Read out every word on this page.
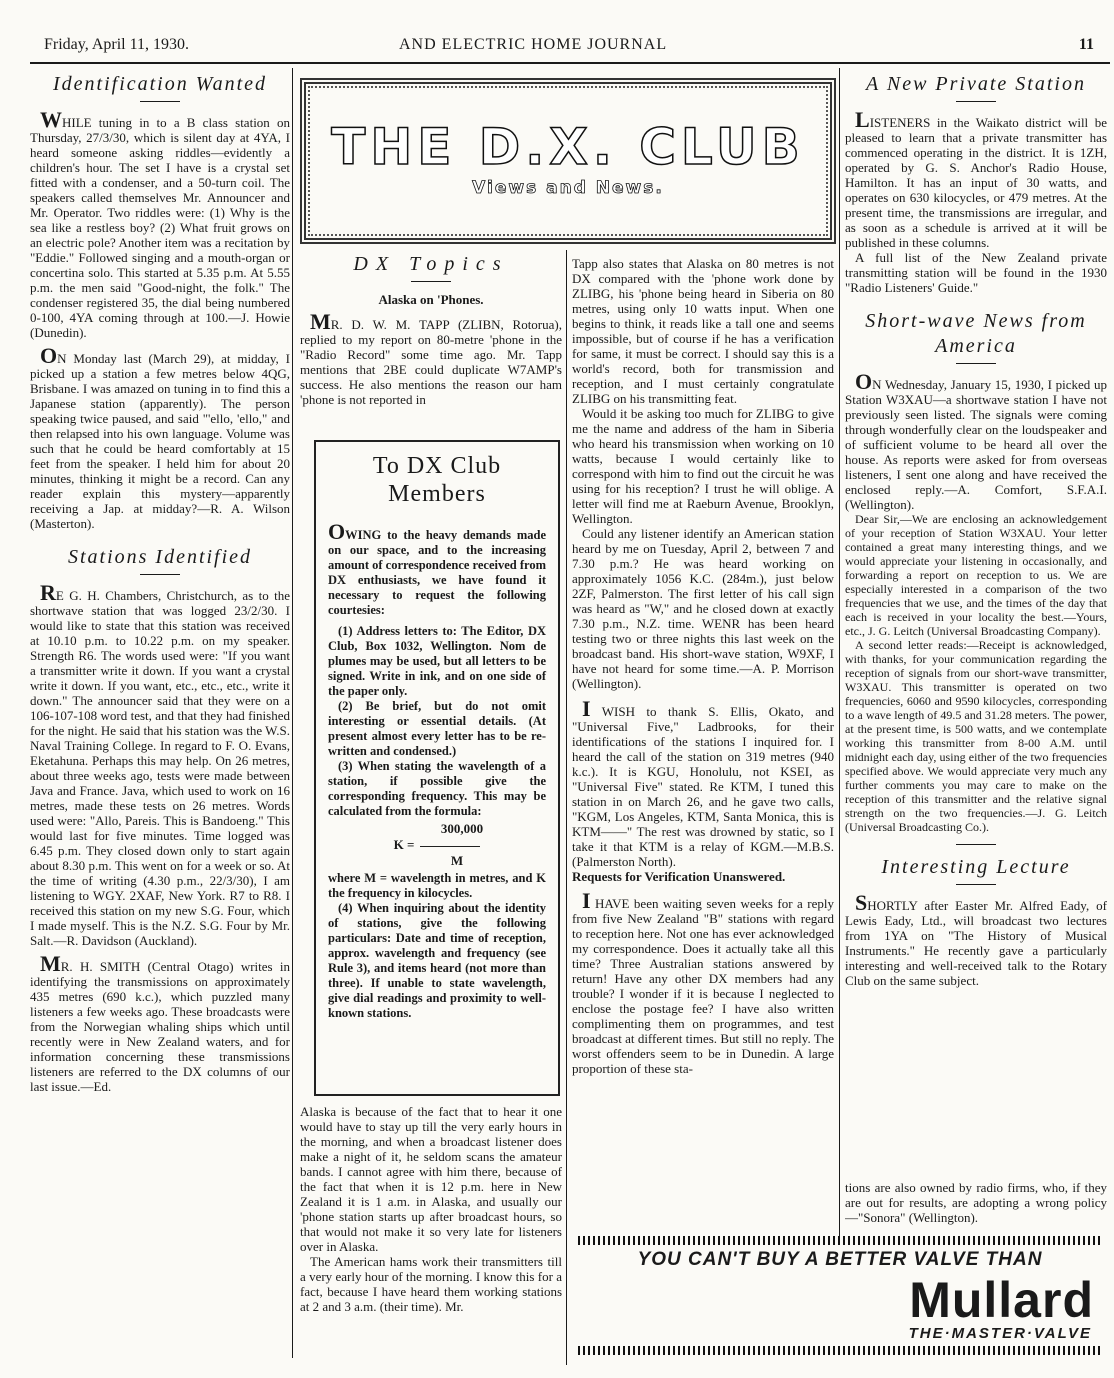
Friday, April 11, 1930.	AND ELECTRIC HOME JOURNAL	11
Identification Wanted

WHILE tuning in to a B class station on Thursday, 27/3/30, which is silent day at 4YA, I heard someone asking riddles—evidently a children's hour. The set I have is a crystal set fitted with a condenser, and a 50-turn coil. The speakers called themselves Mr. Announcer and Mr. Operator. Two riddles were: (1) Why is the sea like a restless boy? (2) What fruit grows on an electric pole? Another item was a recitation by "Eddie." Followed singing and a mouth-organ or concertina solo. This started at 5.35 p.m. At 5.55 p.m. the men said "Good-night, the folk." The condenser registered 35, the dial being numbered 0-100, 4YA coming through at 100.—J. Howie (Dunedin).

ON Monday last (March 29), at midday, I picked up a station a few metres below 4QG, Brisbane. I was amazed on tuning in to find this a Japanese station (apparently). The person speaking twice paused, and said "'ello, 'ello," and then relapsed into his own language. Volume was such that he could be heard comfortably at 15 feet from the speaker. I held him for about 20 minutes, thinking it might be a record. Can any reader explain this mystery—apparently receiving a Jap. at midday?—R. A. Wilson (Masterton).

Stations Identified

RE G. H. Chambers, Christchurch, as to the shortwave station that was logged 23/2/30. I would like to state that this station was received at 10.10 p.m. to 10.22 p.m. on my speaker. Strength R6. The words used were: "If you want a transmitter write it down. If you want a crystal write it down. If you want, etc., etc., etc., write it down." The announcer said that they were on a 106-107-108 word test, and that they had finished for the night. He said that his station was the W.S. Naval Training College. In regard to F. O. Evans, Eketahuna. Perhaps this may help. On 26 metres, about three weeks ago, tests were made between Java and France. Java, which used to work on 16 metres, made these tests on 26 metres. Words used were: "Allo, Pareis. This is Bandoeng." This would last for five minutes. Time logged was 6.45 p.m. They closed down only to start again about 8.30 p.m. This went on for a week or so. At the time of writing (4.30 p.m., 22/3/30), I am listening to WGY. 2XAF, New York. R7 to R8. I received this station on my new S.G. Four, which I made myself. This is the N.Z. S.G. Four by Mr. Salt.—R. Davidson (Auckland).

MR. H. SMITH (Central Otago) writes in identifying the transmissions on approximately 435 metres (690 k.c.), which puzzled many listeners a few weeks ago. These broadcasts were from the Norwegian whaling ships which until recently were in New Zealand waters, and for information concerning these transmissions listeners are referred to the DX columns of our last issue.—Ed.

THE D.X. CLUB
Views and News.
DX Topics
Alaska on 'Phones.

MR. D. W. M. TAPP (ZLIBN, Rotorua), replied to my report on 80-metre 'phone in the "Radio Record" some time ago. Mr. Tapp mentions that 2BE could duplicate W7AMP's success. He also mentions the reason our ham 'phone is not reported in

To DX Club Members

OWING to the heavy demands made on our space, and to the increasing amount of correspondence received from DX enthusiasts, we have found it necessary to request the following courtesies:

(1) Address letters to: The Editor, DX Club, Box 1032, Wellington. Nom de plumes may be used, but all letters to be signed. Write in ink, and on one side of the paper only.

(2) Be brief, but do not omit interesting or essential details. (At present almost every letter has to be re-written and condensed.)

(3) When stating the wavelength of a station, if possible give the corresponding frequency. This may be calculated from the formula:

300,000
K =
M

where M = wavelength in metres, and K the frequency in kilocycles.

(4) When inquiring about the identity of stations, give the following particulars: Date and time of reception, approx. wavelength and frequency (see Rule 3), and items heard (not more than three). If unable to state wavelength, give dial readings and proximity to well-known stations.

Alaska is because of the fact that to hear it one would have to stay up till the very early hours in the morning, and when a broadcast listener does make a night of it, he seldom scans the amateur bands. I cannot agree with him there, because of the fact that when it is 12 p.m. here in New Zealand it is 1 a.m. in Alaska, and usually our 'phone station starts up after broadcast hours, so that would not make it so very late for listeners over in Alaska.

The American hams work their transmitters till a very early hour of the morning. I know this for a fact, because I have heard them working stations at 2 and 3 a.m. (their time). Mr.

Tapp also states that Alaska on 80 metres is not DX compared with the 'phone work done by ZLIBG, his 'phone being heard in Siberia on 80 metres, using only 10 watts input. When one begins to think, it reads like a tall one and seems impossible, but of course if he has a verification for same, it must be correct. I should say this is a world's record, both for transmission and reception, and I must certainly congratulate ZLIBG on his transmitting feat.

Would it be asking too much for ZLIBG to give me the name and address of the ham in Siberia who heard his transmission when working on 10 watts, because I would certainly like to correspond with him to find out the circuit he was using for his reception? I trust he will oblige. A letter will find me at Raeburn Avenue, Brooklyn, Wellington.

Could any listener identify an American station heard by me on Tuesday, April 2, between 7 and 7.30 p.m.? He was heard working on approximately 1056 K.C. (284m.), just below 2ZF, Palmerston. The first letter of his call sign was heard as "W," and he closed down at exactly 7.30 p.m., N.Z. time. WENR has been heard testing two or three nights this last week on the broadcast band. His short-wave station, W9XF, I have not heard for some time.—A. P. Morrison (Wellington).

I WISH to thank S. Ellis, Okato, and "Universal Five," Ladbrooks, for their identifications of the stations I inquired for. I heard the call of the station on 319 metres (940 k.c.). It is KGU, Honolulu, not KSEI, as "Universal Five" stated. Re KTM, I tuned this station in on March 26, and he gave two calls, "KGM, Los Angeles, KTM, Santa Monica, this is KTM——" The rest was drowned by static, so I take it that KTM is a relay of KGM.—M.B.S. (Palmerston North).

Requests for Verification Unanswered.

I HAVE been waiting seven weeks for a reply from five New Zealand "B" stations with regard to reception here. Not one has ever acknowledged my correspondence. Does it actually take all this time? Three Australian stations answered by return! Have any other DX members had any trouble? I wonder if it is because I neglected to enclose the postage fee? I have also written complimenting them on programmes, and test broadcast at different times. But still no reply. The worst offenders seem to be in Dunedin. A large proportion of these sta-

A New Private Station

LISTENERS in the Waikato district will be pleased to learn that a private transmitter has commenced operating in the district. It is 1ZH, operated by G. S. Anchor's Radio House, Hamilton. It has an input of 30 watts, and operates on 630 kilocycles, or 479 metres. At the present time, the transmissions are irregular, and as soon as a schedule is arrived at it will be published in these columns.

A full list of the New Zealand private transmitting station will be found in the 1930 "Radio Listeners' Guide."

Short-wave News from America

ON Wednesday, January 15, 1930, I picked up Station W3XAU—a shortwave station I have not previously seen listed. The signals were coming through wonderfully clear on the loudspeaker and of sufficient volume to be heard all over the house. As reports were asked for from overseas listeners, I sent one along and have received the enclosed reply.—A. Comfort, S.F.A.I. (Wellington).

Dear Sir,—We are enclosing an acknowledgement of your reception of Station W3XAU. Your letter contained a great many interesting things, and we would appreciate your listening in occasionally, and forwarding a report on reception to us. We are especially interested in a comparison of the two frequencies that we use, and the times of the day that each is received in your locality the best.—Yours, etc., J. G. Leitch (Universal Broadcasting Company).

A second letter reads:—Receipt is acknowledged, with thanks, for your communication regarding the reception of signals from our short-wave transmitter, W3XAU. This transmitter is operated on two frequencies, 6060 and 9590 kilocycles, corresponding to a wave length of 49.5 and 31.28 meters. The power, at the present time, is 500 watts, and we contemplate working this transmitter from 8-00 A.M. until midnight each day, using either of the two frequencies specified above. We would appreciate very much any further comments you may care to make on the reception of this transmitter and the relative signal strength on the two frequencies.—J. G. Leitch (Universal Broadcasting Co.).

Interesting Lecture

SHORTLY after Easter Mr. Alfred Eady, of Lewis Eady, Ltd., will broadcast two lectures from 1YA on "The History of Musical Instruments." He recently gave a particularly interesting and well-received talk to the Rotary Club on the same subject.

tions are also owned by radio firms, who, if they are out for results, are adopting a wrong policy—"Sonora" (Wellington).

YOU CAN'T BUY A BETTER VALVE THAN
Mullard
THE·MASTER·VALVE
